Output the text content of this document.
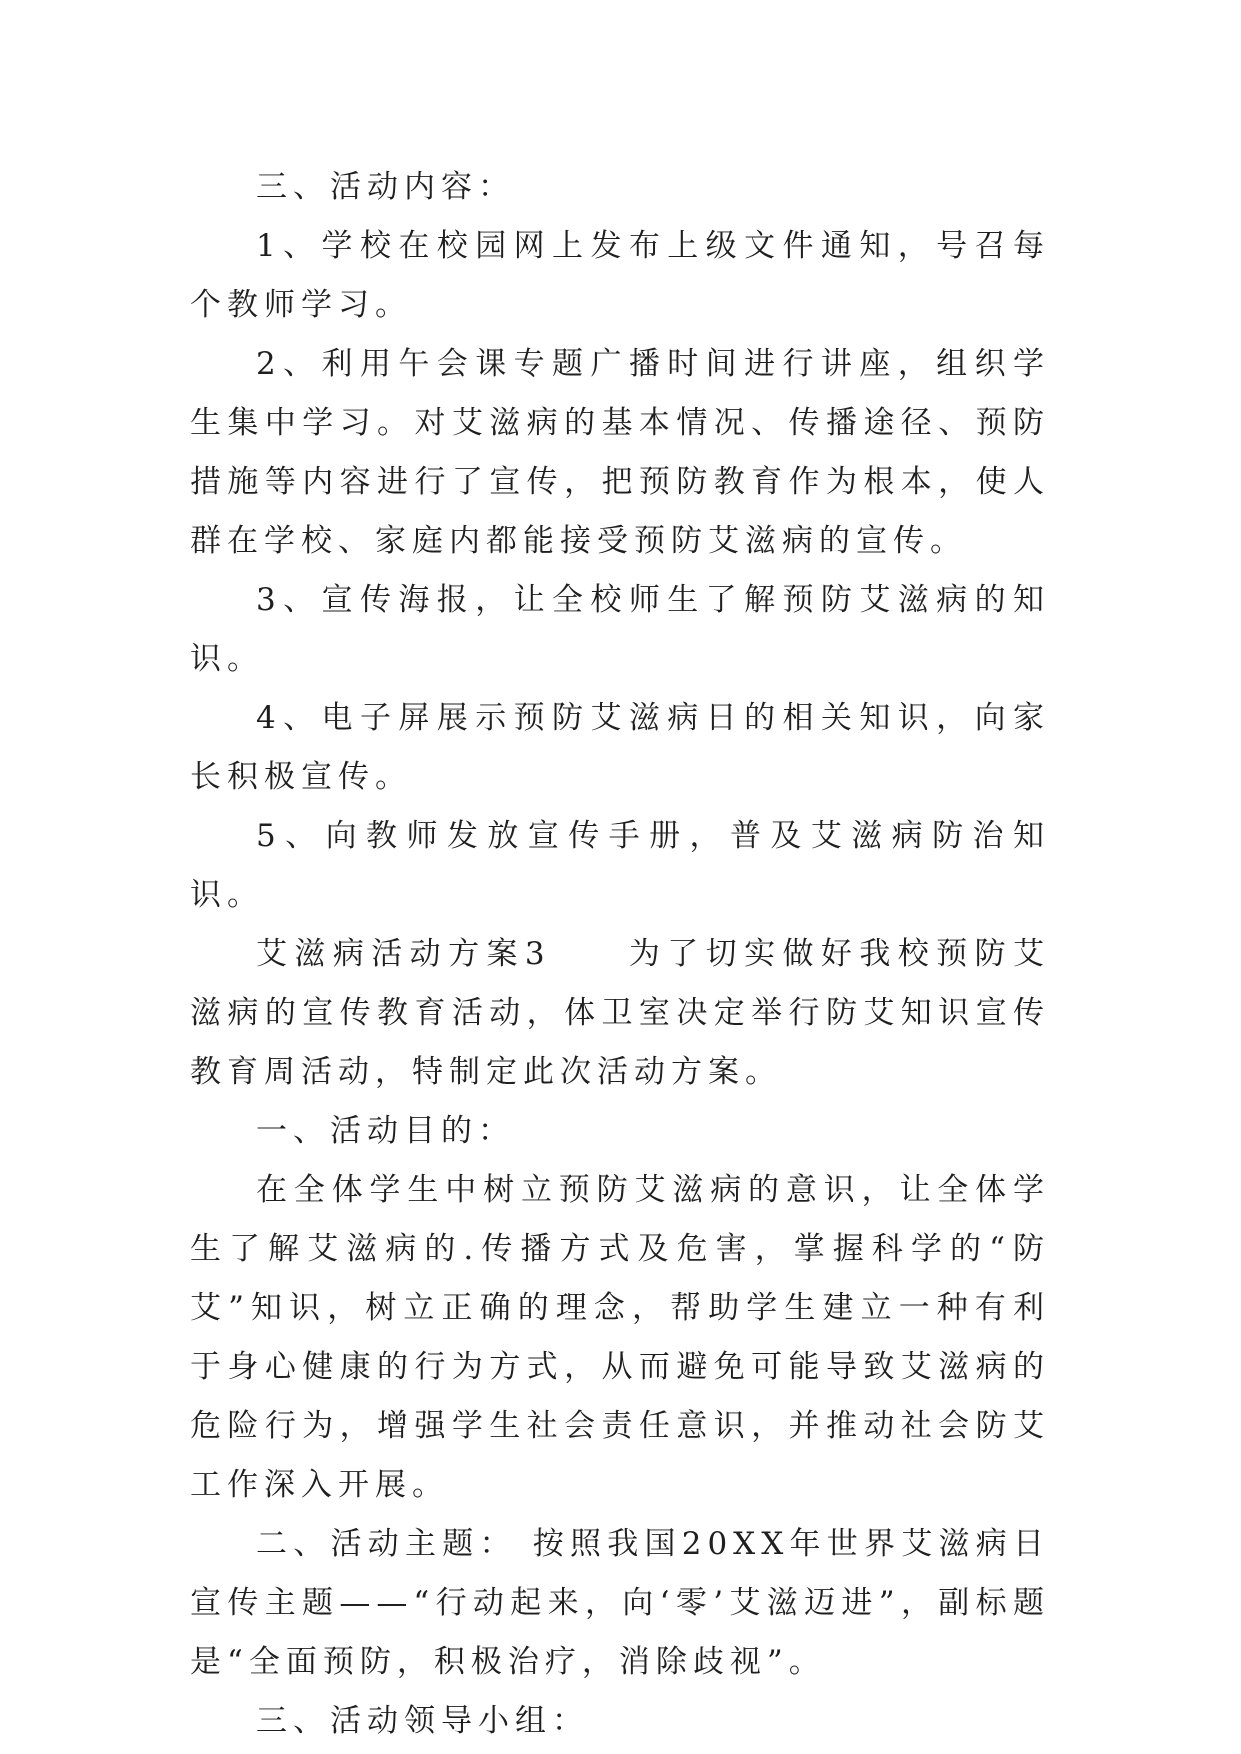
三、活动内容：

1、学校在校园网上发布上级文件通知，号召每个教师学习。

2、利用午会课专题广播时间进行讲座，组织学生集中学习。对艾滋病的基本情况、传播途径、预防措施等内容进行了宣传，把预防教育作为根本，使人群在学校、家庭内都能接受预防艾滋病的宣传。

3、宣传海报，让全校师生了解预防艾滋病的知识。

4、电子屏展示预防艾滋病日的相关知识，向家长积极宣传。

5、向教师发放宣传手册，普及艾滋病防治知识。

艾滋病活动方案3　　为了切实做好我校预防艾滋病的宣传教育活动，体卫室决定举行防艾知识宣传教育周活动，特制定此次活动方案。

一、活动目的：

在全体学生中树立预防艾滋病的意识，让全体学生了解艾滋病的.传播方式及危害，掌握科学的“防艾”知识，树立正确的理念，帮助学生建立一种有利于身心健康的行为方式，从而避免可能导致艾滋病的危险行为，增强学生社会责任意识，并推动社会防艾工作深入开展。

二、活动主题： 按照我国20XX年世界艾滋病日宣传主题——“行动起来，向‘零’艾滋迈进”，副标题是“全面预防，积极治疗，消除歧视”。

三、活动领导小组：
